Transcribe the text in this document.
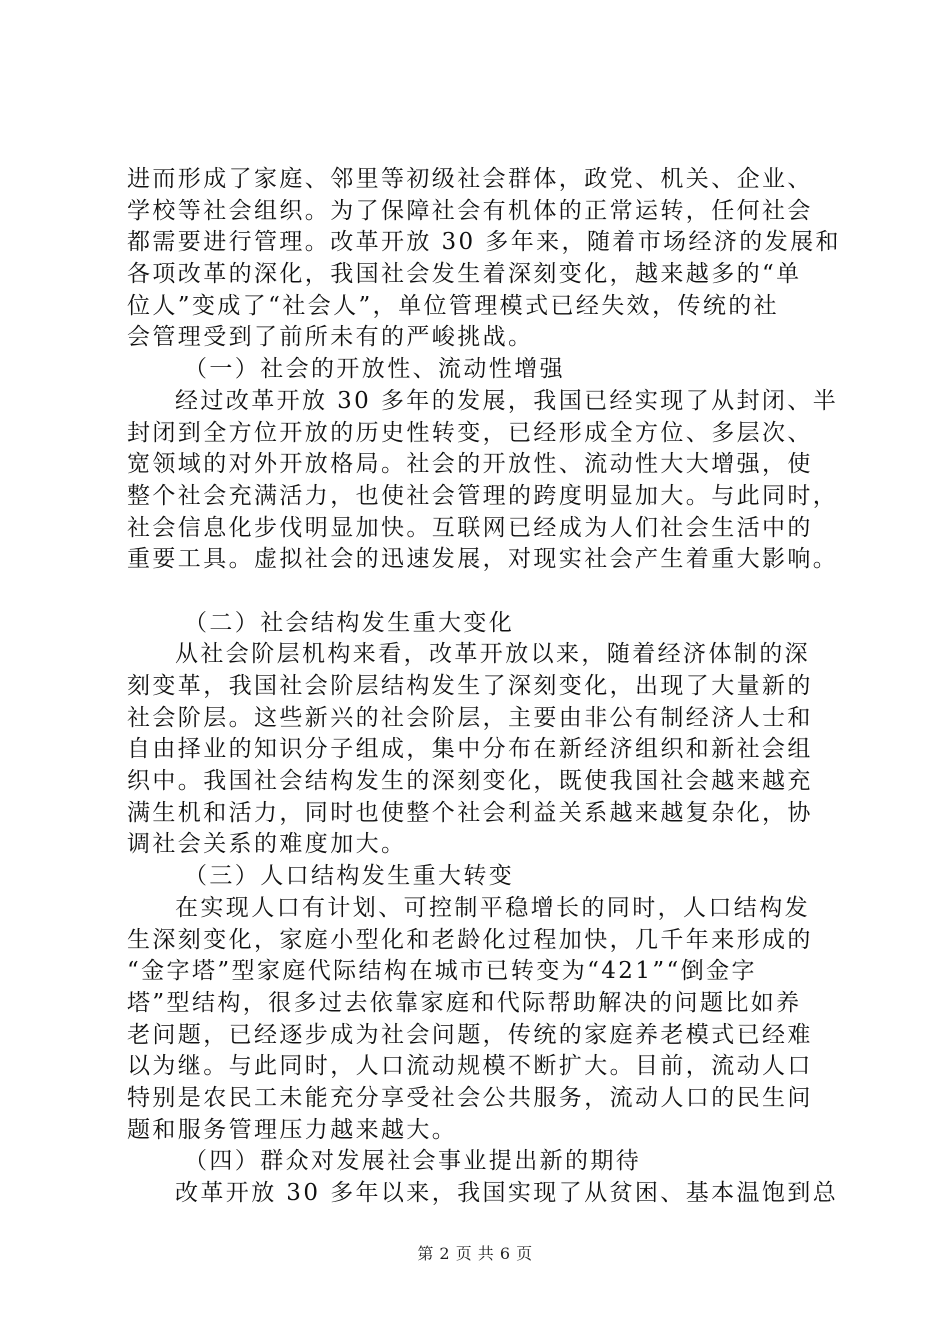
进而形成了家庭、邻里等初级社会群体，政党、机关、企业、
学校等社会组织。为了保障社会有机体的正常运转，任何社会
都需要进行管理。改革开放 30 多年来，随着市场经济的发展和
各项改革的深化，我国社会发生着深刻变化，越来越多的“单
位人”变成了“社会人”，单位管理模式已经失效，传统的社
会管理受到了前所未有的严峻挑战。
（一）社会的开放性、流动性增强
经过改革开放 30 多年的发展，我国已经实现了从封闭、半
封闭到全方位开放的历史性转变，已经形成全方位、多层次、
宽领域的对外开放格局。社会的开放性、流动性大大增强，使
整个社会充满活力，也使社会管理的跨度明显加大。与此同时，
社会信息化步伐明显加快。互联网已经成为人们社会生活中的
重要工具。虚拟社会的迅速发展，对现实社会产生着重大影响。
（二）社会结构发生重大变化
从社会阶层机构来看，改革开放以来，随着经济体制的深
刻变革，我国社会阶层结构发生了深刻变化，出现了大量新的
社会阶层。这些新兴的社会阶层，主要由非公有制经济人士和
自由择业的知识分子组成，集中分布在新经济组织和新社会组
织中。我国社会结构发生的深刻变化，既使我国社会越来越充
满生机和活力，同时也使整个社会利益关系越来越复杂化，协
调社会关系的难度加大。
（三）人口结构发生重大转变
在实现人口有计划、可控制平稳增长的同时，人口结构发
生深刻变化，家庭小型化和老龄化过程加快，几千年来形成的
“金字塔”型家庭代际结构在城市已转变为“421”“倒金字
塔”型结构，很多过去依靠家庭和代际帮助解决的问题比如养
老问题，已经逐步成为社会问题，传统的家庭养老模式已经难
以为继。与此同时，人口流动规模不断扩大。目前，流动人口
特别是农民工未能充分享受社会公共服务，流动人口的民生问
题和服务管理压力越来越大。
（四）群众对发展社会事业提出新的期待
改革开放 30 多年以来，我国实现了从贫困、基本温饱到总
第 2 页 共 6 页
